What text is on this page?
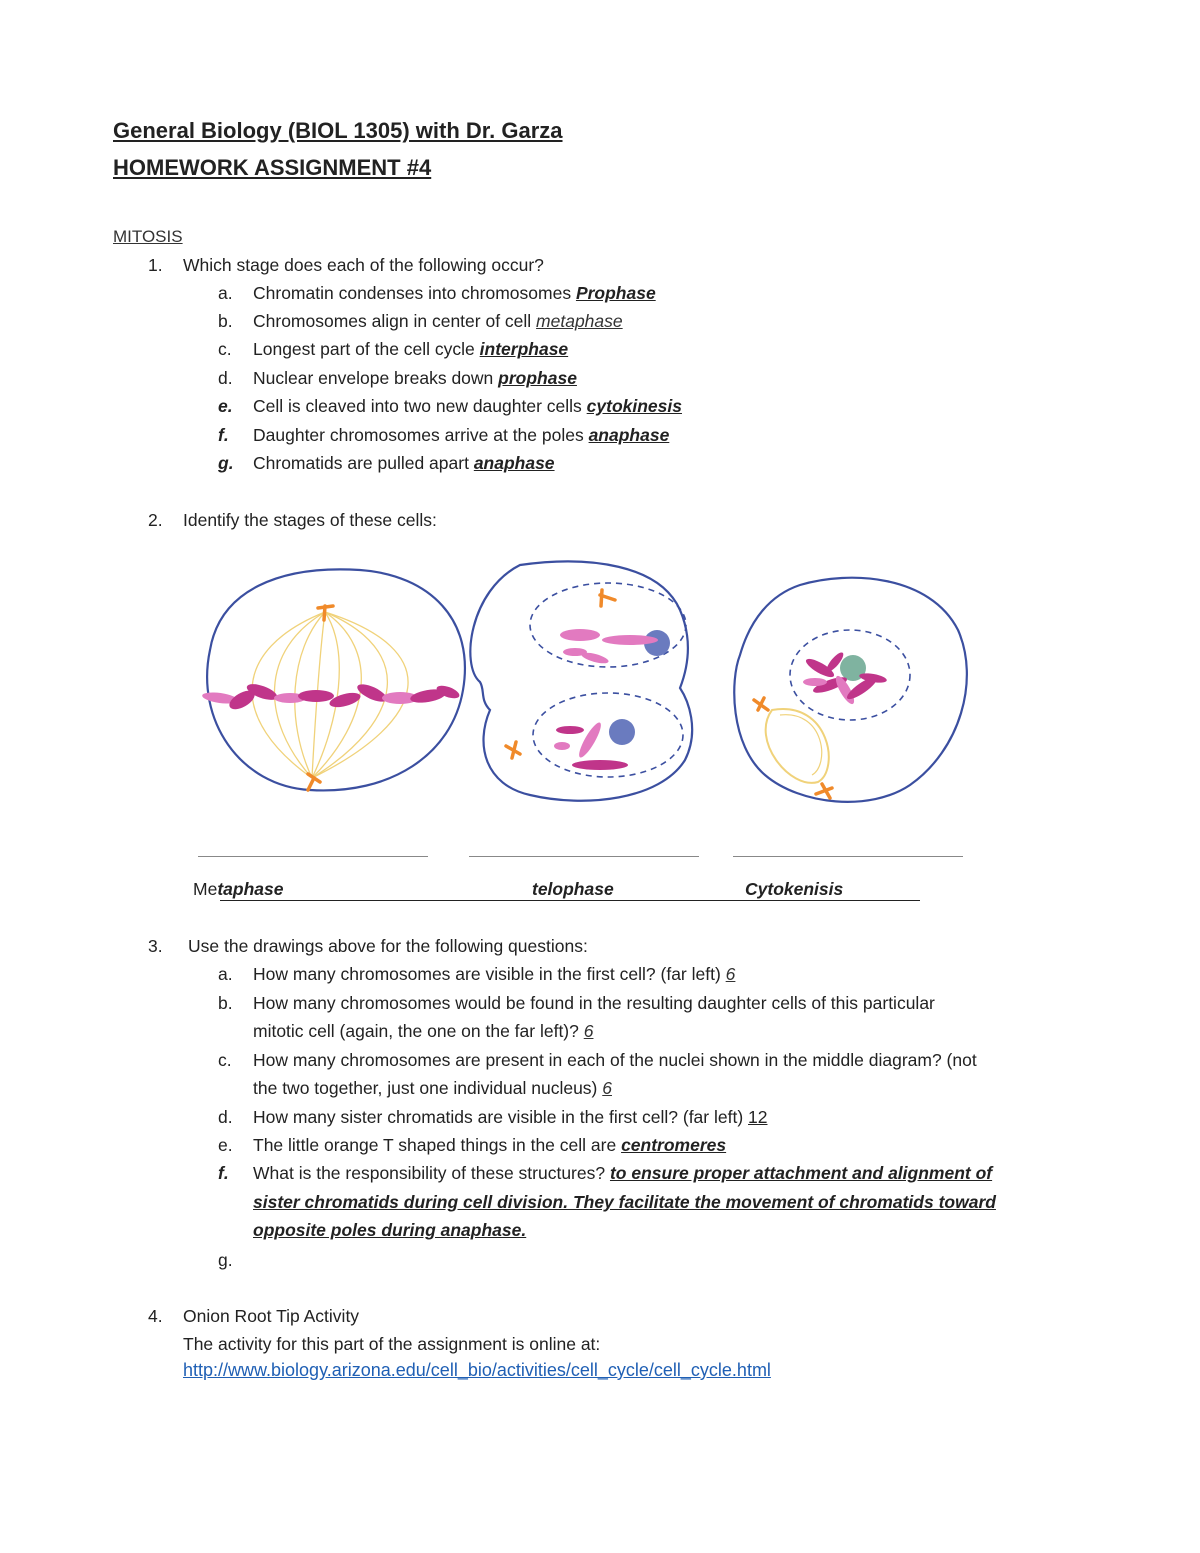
General Biology (BIOL 1305) with Dr. Garza
HOMEWORK ASSIGNMENT #4
MITOSIS
1. Which stage does each of the following occur?
a. Chromatin condenses into chromosomes Prophase
b. Chromosomes align in center of cell metaphase
c. Longest part of the cell cycle interphase
d. Nuclear envelope breaks down prophase
e. Cell is cleaved into two new daughter cells cytokinesis
f. Daughter chromosomes arrive at the poles anaphase
g. Chromatids are pulled apart anaphase
2. Identify the stages of these cells:
Metaphase	telophase	Cytokenisis
3. Use the drawings above for the following questions:
a. How many chromosomes are visible in the first cell? (far left) 6
b. How many chromosomes would be found in the resulting daughter cells of this particular
mitotic cell (again, the one on the far left)? 6
c. How many chromosomes are present in each of the nuclei shown in the middle diagram? (not
the two together, just one individual nucleus) 6
d. How many sister chromatids are visible in the first cell? (far left) 12
e. The little orange T shaped things in the cell are centromeres
f. What is the responsibility of these structures? to ensure proper attachment and alignment of
sister chromatids during cell division. They facilitate the movement of chromatids toward
opposite poles during anaphase.
g.
4. Onion Root Tip Activity
The activity for this part of the assignment is online at:
http://www.biology.arizona.edu/cell_bio/activities/cell_cycle/cell_cycle.html
